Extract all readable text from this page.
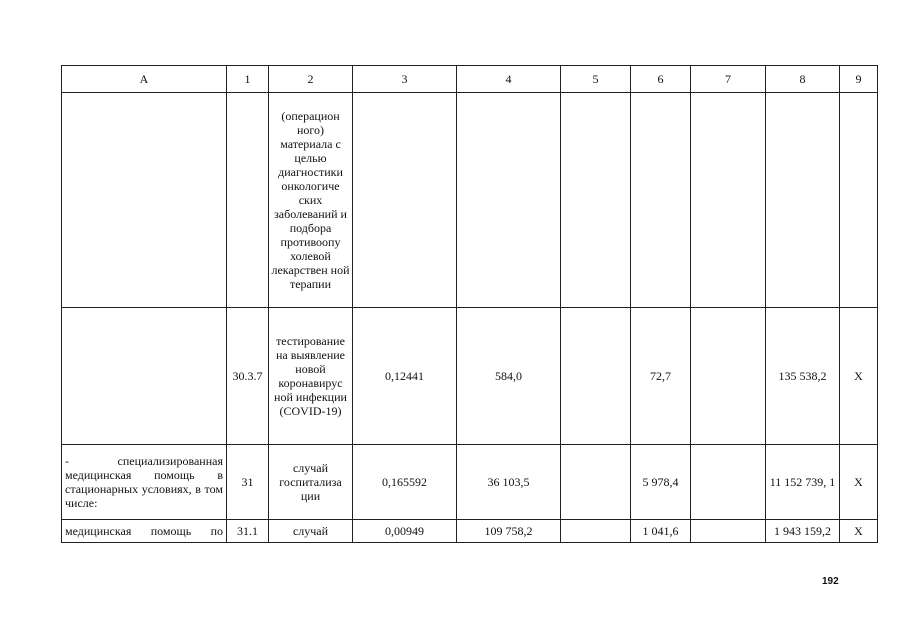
А	1	2	3	4	5	6	7	8	9
		(операцион ного) материала с целью диагностики онкологиче ских заболеваний и подбора противоопу холевой лекарствен ной терапии							
	30.3.7	тестирование на выявление новой коронавирус ной инфекции (COVID-19)	0,12441	584,0		72,7		135 538,2	X
- специализированная медицинская помощь в стационарных условиях, в том числе:	31	случай госпитализа ции	0,165592	36 103,5		5 978,4		11 152 739, 1	X
медицинская помощь по	31.1	случай	0,00949	109 758,2		1 041,6		1 943 159,2	X
192
